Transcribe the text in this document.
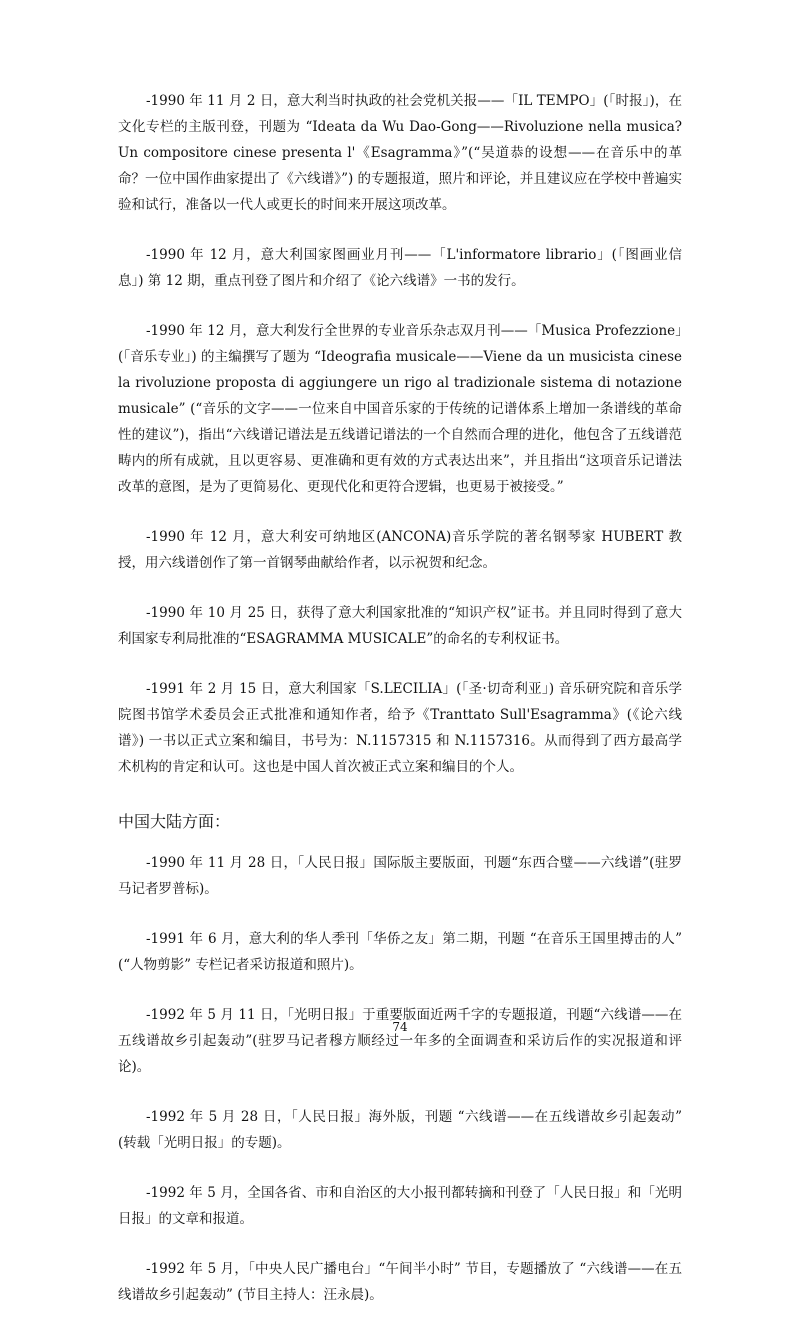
-1990 年 11 月 2 日，意大利当时执政的社会党机关报——「IL TEMPO」(「时报」)，在文化专栏的主版刊登，刊题为 “Ideata da Wu Dao-Gong——Rivoluzione nella musica? Un compositore cinese presenta l'《Esagramma》”(“吴道恭的设想——在音乐中的革命？一位中国作曲家提出了《六线谱》”) 的专题报道，照片和评论，并且建议应在学校中普遍实验和试行，准备以一代人或更长的时间来开展这项改革。

-1990 年 12 月，意大利国家图画业月刊——「L'informatore librario」(「图画业信息」) 第 12 期，重点刊登了图片和介绍了《论六线谱》一书的发行。

-1990 年 12 月，意大利发行全世界的专业音乐杂志双月刊——「Musica Profezzione」(「音乐专业」) 的主编撰写了题为 “Ideografia musicale——Viene da un musicista cinese la rivoluzione proposta di aggiungere un rigo al tradizionale sistema di notazione musicale” (“音乐的文字——一位来自中国音乐家的于传统的记谱体系上增加一条谱线的革命性的建议”)，指出“六线谱记谱法是五线谱记谱法的一个自然而合理的进化，他包含了五线谱范畴内的所有成就，且以更容易、更准确和更有效的方式表达出来”，并且指出“这项音乐记谱法改革的意图，是为了更简易化、更现代化和更符合逻辑，也更易于被接受。”

-1990 年 12 月，意大利安可纳地区(ANCONA)音乐学院的著名钢琴家 HUBERT 教授，用六线谱创作了第一首钢琴曲献给作者，以示祝贺和纪念。

-1990 年 10 月 25 日，获得了意大利国家批准的“知识产权”证书。并且同时得到了意大利国家专利局批准的“ESAGRAMMA MUSICALE”的命名的专利权证书。

-1991 年 2 月 15 日，意大利国家「S.LECILIA」(「圣·切奇利亚」) 音乐研究院和音乐学院图书馆学术委员会正式批准和通知作者，给予《Tranttato Sull'Esagramma》(《论六线谱》) 一书以正式立案和编目，书号为：N.1157315 和 N.1157316。从而得到了西方最高学术机构的肯定和认可。这也是中国人首次被正式立案和编目的个人。

中国大陆方面：

-1990 年 11 月 28 日，「人民日报」国际版主要版面，刊题“东西合璧——六线谱”(驻罗马记者罗普标)。

-1991 年 6 月，意大利的华人季刊「华侨之友」第二期，刊题 “在音乐王国里搏击的人” (“人物剪影” 专栏记者采访报道和照片)。

-1992 年 5 月 11 日，「光明日报」于重要版面近两千字的专题报道，刊题“六线谱——在五线谱故乡引起轰动”(驻罗马记者穆方顺经过一年多的全面调查和采访后作的实况报道和评论)。

-1992 年 5 月 28 日，「人民日报」海外版，刊题 “六线谱——在五线谱故乡引起轰动” (转载「光明日报」的专题)。

-1992 年 5 月，全国各省、市和自治区的大小报刊都转摘和刊登了「人民日报」和「光明日报」的文章和报道。

-1992 年 5 月，「中央人民广播电台」“午间半小时” 节目，专题播放了 “六线谱——在五线谱故乡引起轰动” (节目主持人：汪永晨)。

74
